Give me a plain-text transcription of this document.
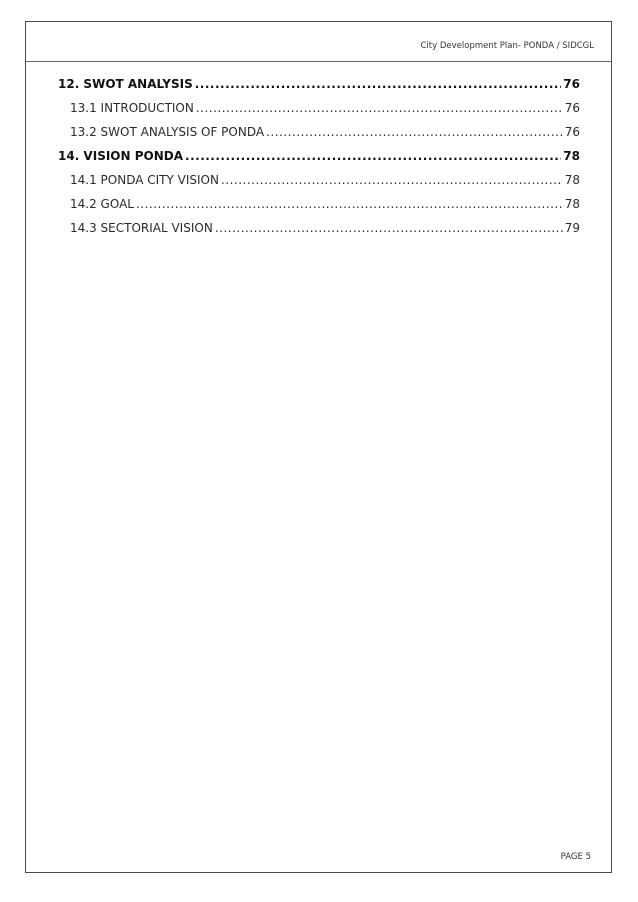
City Development Plan- PONDA / SIDCGL
12. SWOT ANALYSIS .....	76
13.1 INTRODUCTION .....	76
13.2 SWOT ANALYSIS OF PONDA .....	76
14. VISION PONDA .....	78
14.1 PONDA CITY VISION .....	78
14.2 GOAL .....	78
14.3 SECTORIAL VISION .....	79
PAGE 5
